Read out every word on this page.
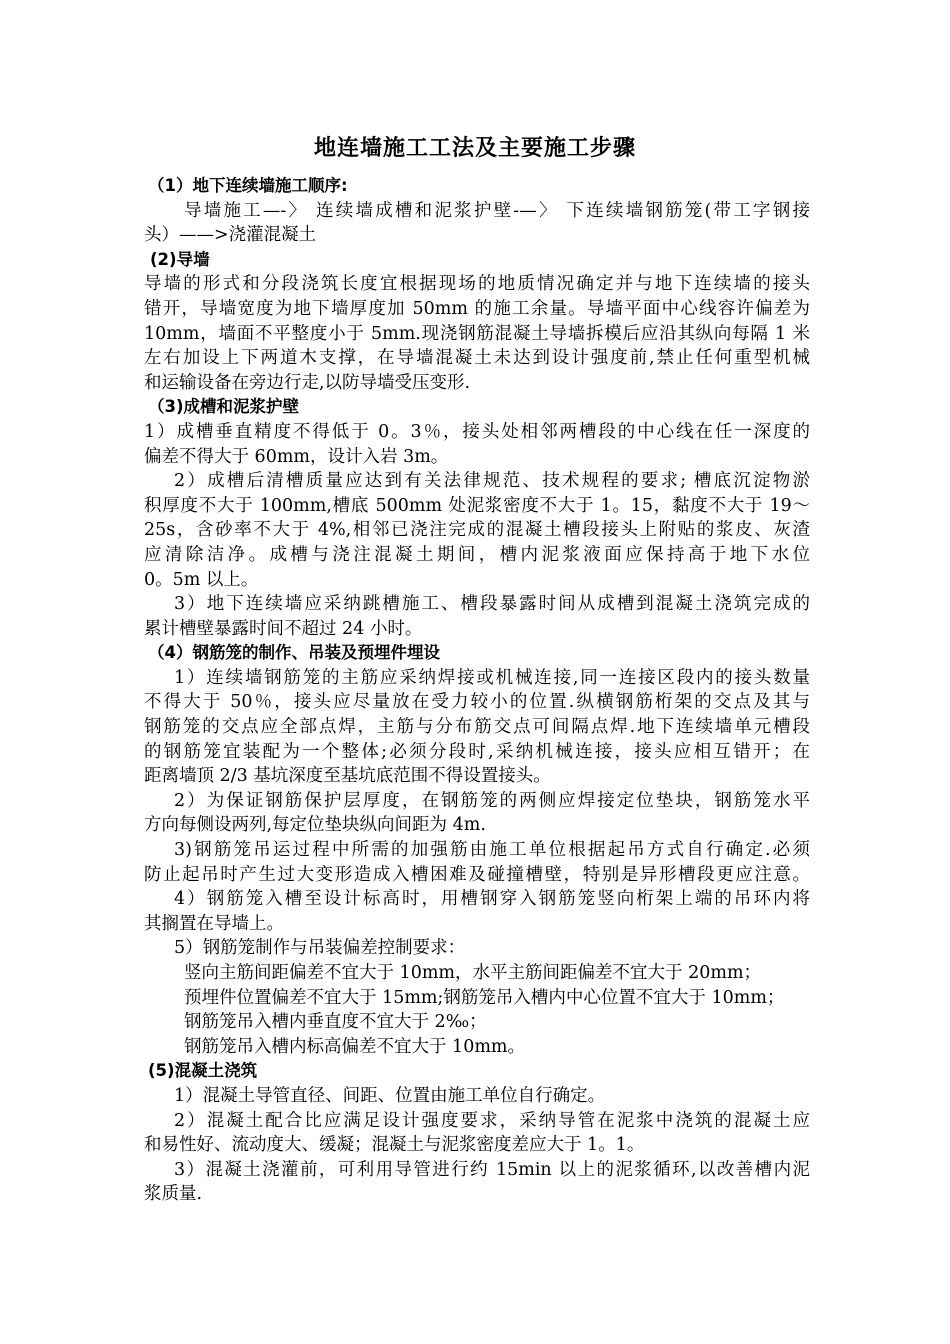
地连墙施工工法及主要施工步骤
（1）地下连续墙施工顺序:
导墙施工—-〉 连续墙成槽和泥浆护壁-—〉 下连续墙钢筋笼(带工字钢接
头）——>浇灌混凝土
(2)导墙
导墙的形式和分段浇筑长度宜根据现场的地质情况确定并与地下连续墙的接头
错开，导墙宽度为地下墙厚度加 50mm 的施工余量。导墙平面中心线容许偏差为
10mm，墙面不平整度小于 5mm.现浇钢筋混凝土导墙拆模后应沿其纵向每隔 1 米
左右加设上下两道木支撑，在导墙混凝土未达到设计强度前,禁止任何重型机械
和运输设备在旁边行走,以防导墙受压变形.
（3)成槽和泥浆护壁
1）成槽垂直精度不得低于 0。3％，接头处相邻两槽段的中心线在任一深度的
偏差不得大于 60mm，设计入岩 3m。
2）成槽后清槽质量应达到有关法律规范、技术规程的要求; 槽底沉淀物淤
积厚度不大于 100mm,槽底 500mm 处泥浆密度不大于 1。15，黏度不大于 19～
25s，含砂率不大于 4%,相邻已浇注完成的混凝土槽段接头上附贴的浆皮、灰渣
应清除洁净。成槽与浇注混凝土期间，槽内泥浆液面应保持高于地下水位
0。5m 以上。
3）地下连续墙应采纳跳槽施工、槽段暴露时间从成槽到混凝土浇筑完成的
累计槽壁暴露时间不超过 24 小时。
（4）钢筋笼的制作、吊装及预埋件埋设
1）连续墙钢筋笼的主筋应采纳焊接或机械连接,同一连接区段内的接头数量
不得大于 50％，接头应尽量放在受力较小的位置.纵横钢筋桁架的交点及其与
钢筋笼的交点应全部点焊，主筋与分布筋交点可间隔点焊.地下连续墙单元槽段
的钢筋笼宜装配为一个整体;必须分段时,采纳机械连接，接头应相互错开；在
距离墙顶 2/3 基坑深度至基坑底范围不得设置接头。
2）为保证钢筋保护层厚度，在钢筋笼的两侧应焊接定位垫块，钢筋笼水平
方向每侧设两列,每定位垫块纵向间距为 4m.
3)钢筋笼吊运过程中所需的加强筋由施工单位根据起吊方式自行确定.必须
防止起吊时产生过大变形造成入槽困难及碰撞槽壁，特别是异形槽段更应注意。
4）钢筋笼入槽至设计标高时，用槽钢穿入钢筋笼竖向桁架上端的吊环内将
其搁置在导墙上。
5）钢筋笼制作与吊装偏差控制要求：
竖向主筋间距偏差不宜大于 10mm，水平主筋间距偏差不宜大于 20mm；
预埋件位置偏差不宜大于 15mm;钢筋笼吊入槽内中心位置不宜大于 10mm；
钢筋笼吊入槽内垂直度不宜大于 2‰；
钢筋笼吊入槽内标高偏差不宜大于 10mm。
(5)混凝土浇筑
1）混凝土导管直径、间距、位置由施工单位自行确定。
2）混凝土配合比应满足设计强度要求，采纳导管在泥浆中浇筑的混凝土应
和易性好、流动度大、缓凝；混凝土与泥浆密度差应大于 1。1。
3）混凝土浇灌前，可利用导管进行约 15min 以上的泥浆循环,以改善槽内泥
浆质量.
